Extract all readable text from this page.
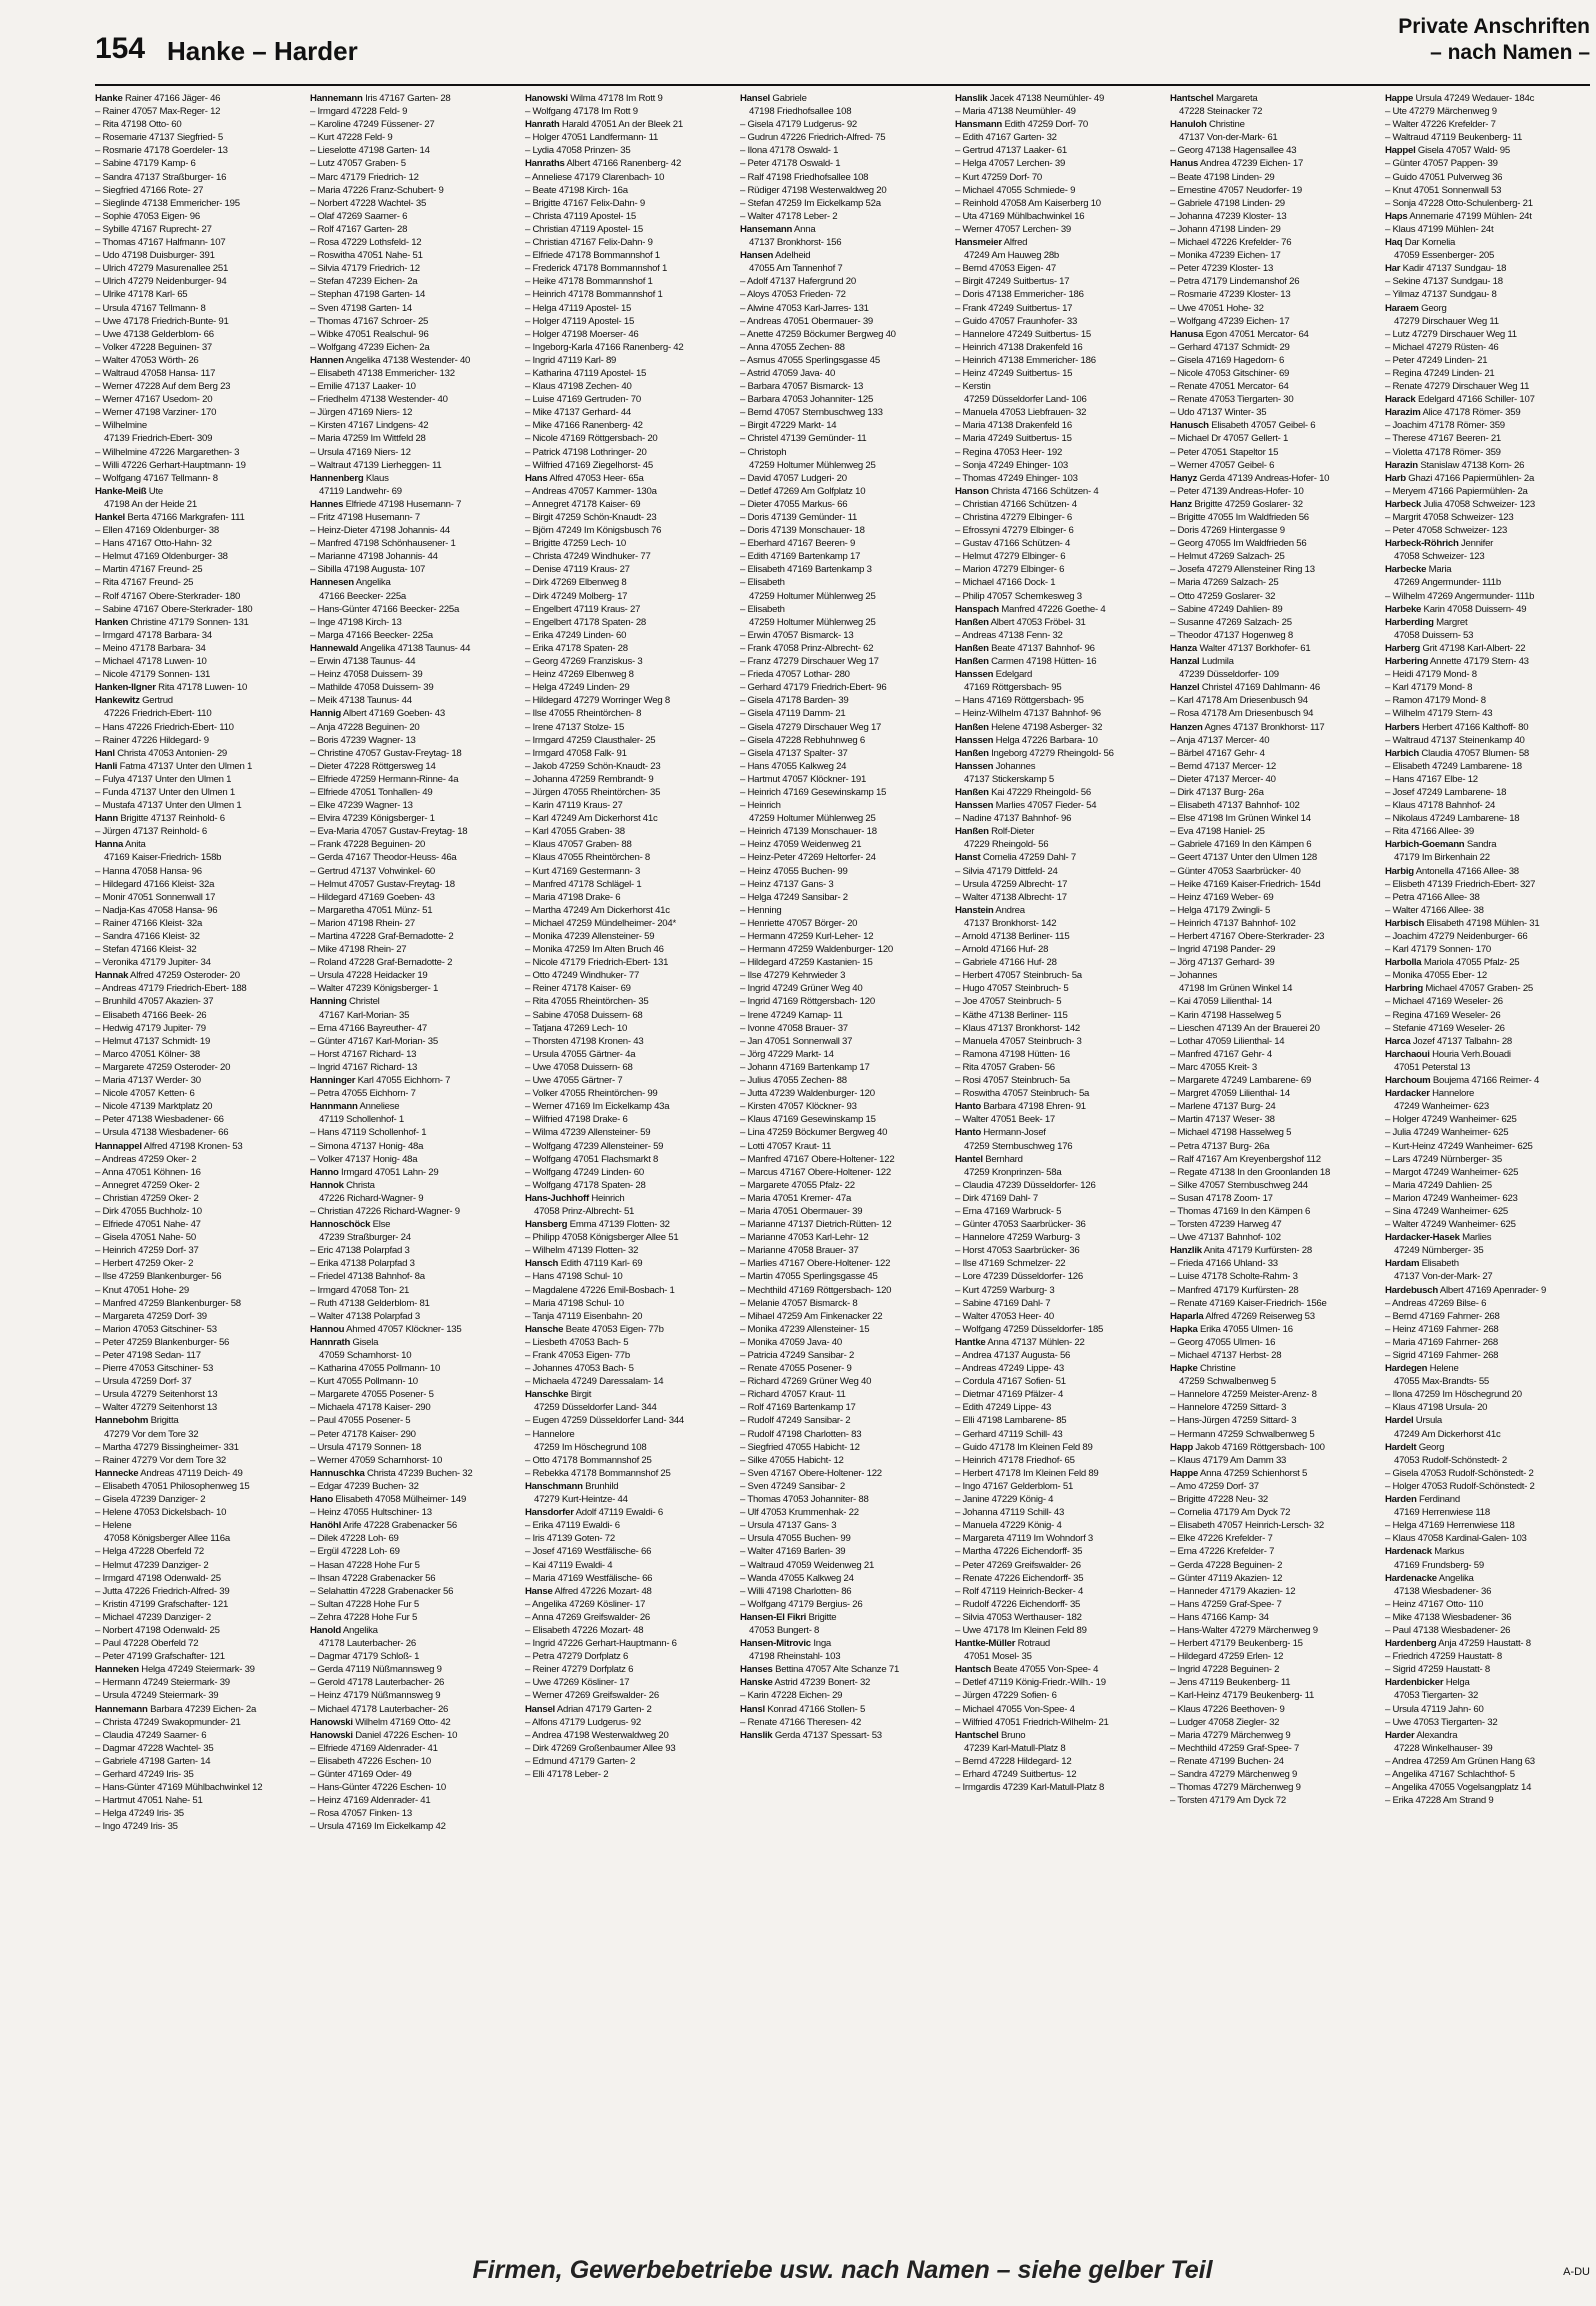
154 Hanke – Harder
Private Anschriften
– nach Namen –
Hanke Rainer 47166 Jäger- 46
– Rainer 47057 Max-Reger- 12
– Rita 47198 Otto- 60
– Rosemarie 47137 Siegfried- 5
– Rosmarie 47178 Goerdeler- 13
– Sabine 47179 Kamp- 6
– Sandra 47137 Straßburger- 16
– Siegfried 47166 Rote- 27
– Sieglinde 47138 Emmericher- 195
– Sophie 47053 Eigen- 96
– Sybille 47167 Ruprecht- 27
– Thomas 47167 Halfmann- 107
– Udo 47198 Duisburger- 391
– Ulrich 47279 Masurenallee 251
– Ulrich 47279 Neidenburger- 94
– Ulrike 47178 Karl- 65
– Ursula 47167 Tellmann- 8
– Uwe 47178 Friedrich-Bunte- 91
– Uwe 47138 Gelderblom- 66
– Volker 47228 Beguinen- 37
– Walter 47053 Wörth- 26
– Waltraud 47058 Hansa- 117
– Werner 47228 Auf dem Berg 23
– Werner 47167 Usedom- 20
– Werner 47198 Varziner- 170
– Wilhelmine
47139 Friedrich-Ebert- 309
– Wilhelmine 47226 Margarethen- 3
– Willi 47226 Gerhart-Hauptmann- 19
– Wolfgang 47167 Tellmann- 8
Hanke-Meiß Ute
47198 An der Heide 21
Hankel Berta 47166 Markgrafen- 111
– Ellen 47169 Oldenburger- 38
– Hans 47167 Otto-Hahn- 32
– Helmut 47169 Oldenburger- 38
– Martin 47167 Freund- 25
– Rita 47167 Freund- 25
– Rolf 47167 Obere-Sterkrader- 180
– Sabine 47167 Obere-Sterkrader- 180
Hanken Christine 47179 Sonnen- 131
– Irmgard 47178 Barbara- 34
– Meino 47178 Barbara- 34
– Michael 47178 Luwen- 10
– Nicole 47179 Sonnen- 131
Hanken-Ilgner Rita 47178 Luwen- 10
Hankewitz Gertrud
47226 Friedrich-Ebert- 110
– Hans 47226 Friedrich-Ebert- 110
– Rainer 47226 Hildegard- 9
Hanl Christa 47053 Antonien- 29
Hanli Fatma 47137 Unter den Ulmen 1
– Fulya 47137 Unter den Ulmen 1
– Funda 47137 Unter den Ulmen 1
– Mustafa 47137 Unter den Ulmen 1
Hann Brigitte 47137 Reinhold- 6
– Jürgen 47137 Reinhold- 6
Hanna Anita
47169 Kaiser-Friedrich- 158b
– Hanna 47058 Hansa- 96
– Hildegard 47166 Kleist- 32a
– Monir 47051 Sonnenwall 17
– Nadja-Kas 47058 Hansa- 96
– Rainer 47166 Kleist- 32a
– Sandra 47166 Kleist- 32
– Stefan 47166 Kleist- 32
– Veronika 47179 Jupiter- 34
Hannak Alfred 47259 Osteroder- 20
– Andreas 47179 Friedrich-Ebert- 188
– Brunhild 47057 Akazien- 37
– Elisabeth 47166 Beek- 26
– Hedwig 47179 Jupiter- 79
– Helmut 47137 Schmidt- 19
– Marco 47051 Kölner- 38
– Margarete 47259 Osteroder- 20
– Maria 47137 Werder- 30
– Nicole 47057 Ketten- 6
– Nicole 47139 Marktplatz 20
– Peter 47138 Wiesbadener- 66
– Ursula 47138 Wiesbadener- 66
Hannappel Alfred 47198 Kronen- 53
– Andreas 47259 Oker- 2
– Anna 47051 Köhnen- 16
– Annegret 47259 Oker- 2
– Christian 47259 Oker- 2
– Dirk 47055 Buchholz- 10
– Elfriede 47051 Nahe- 47
– Gisela 47051 Nahe- 50
– Heinrich 47259 Dorf- 37
– Herbert 47259 Oker- 2
– Ilse 47259 Blankenburger- 56
– Knut 47051 Hohe- 29
– Manfred 47259 Blankenburger- 58
– Margareta 47259 Dorf- 39
– Marion 47053 Gitschiner- 53
– Peter 47259 Blankenburger- 56
– Peter 47198 Sedan- 117
– Pierre 47053 Gitschiner- 53
– Ursula 47259 Dorf- 37
– Ursula 47279 Seitenhorst 13
– Walter 47279 Seitenhorst 13
Hannebohm Brigitta
47279 Vor dem Tore 32
– Martha 47279 Bissingheimer- 331
– Rainer 47279 Vor dem Tore 32
Hannecke Andreas 47119 Deich- 49
– Elisabeth 47051 Philosophenweg 15
– Gisela 47239 Danziger- 2
– Helene 47053 Dickelsbach- 10
– Helene
47058 Königsberger Allee 116a
– Helga 47228 Oberfeld 72
– Helmut 47239 Danziger- 2
– Irmgard 47198 Odenwald- 25
– Jutta 47226 Friedrich-Alfred- 39
– Kristin 47199 Grafschafter- 121
– Michael 47239 Danziger- 2
– Norbert 47198 Odenwald- 25
– Paul 47228 Oberfeld 72
– Peter 47199 Grafschafter- 121
Hanneken Helga 47249 Steiermark- 39
– Hermann 47249 Steiermark- 39
– Ursula 47249 Steiermark- 39
Hannemann Barbara 47239 Eichen- 2a
– Christa 47249 Swakopmunder- 21
– Claudia 47249 Saarner- 6
– Dagmar 47228 Wachtel- 35
– Gabriele 47198 Garten- 14
– Gerhard 47249 Iris- 35
– Hans-Günter 47169 Mühlbachwinkel 12
– Hartmut 47051 Nahe- 51
– Helga 47249 Iris- 35
– Ingo 47249 Iris- 35
Hannemann Iris 47167 Garten- 28
– Irmgard 47228 Feld- 9
– Karoline 47249 Füssener- 27
– Kurt 47228 Feld- 9
– Lieselotte 47198 Garten- 14
– Lutz 47057 Graben- 5
– Marc 47179 Friedrich- 12
– Maria 47226 Franz-Schubert- 9
– Norbert 47228 Wachtel- 35
– Olaf 47269 Saarner- 6
– Rolf 47167 Garten- 28
– Rosa 47229 Lothsfeld- 12
– Roswitha 47051 Nahe- 51
– Silvia 47179 Friedrich- 12
– Stefan 47239 Eichen- 2a
– Stephan 47198 Garten- 14
– Sven 47198 Garten- 14
– Thomas 47167 Schroer- 25
– Wibke 47051 Realschul- 96
– Wolfgang 47239 Eichen- 2a
Hannen Angelika 47138 Westender- 40
– Elisabeth 47138 Emmericher- 132
– Emilie 47137 Laaker- 10
– Friedhelm 47138 Westender- 40
– Jürgen 47169 Niers- 12
– Kirsten 47167 Lindgens- 42
– Maria 47259 Im Wittfeld 28
– Ursula 47169 Niers- 12
– Waltraut 47139 Lierheggen- 11
Hannenberg Klaus
47119 Landwehr- 69
Hannes Elfriede 47198 Husemann- 7
– Fritz 47198 Husemann- 7
– Heinz-Dieter 47198 Johannis- 44
– Manfred 47198 Schönhausener- 1
– Marianne 47198 Johannis- 44
– Sibilla 47198 Augusta- 107
Hannesen Angelika
47166 Beecker- 225a
– Hans-Günter 47166 Beecker- 225a
– Inge 47198 Kirch- 13
– Marga 47166 Beecker- 225a
Hannewald Angelika 47138 Taunus- 44
– Erwin 47138 Taunus- 44
– Heinz 47058 Duissern- 39
– Mathilde 47058 Duissern- 39
– Meik 47138 Taunus- 44
Hannig Albert 47169 Goeben- 43
– Anja 47228 Beguinen- 20
– Boris 47239 Wagner- 13
– Christine 47057 Gustav-Freytag- 18
– Dieter 47228 Röttgersweg 14
– Elfriede 47259 Hermann-Rinne- 4a
– Elfriede 47051 Tonhallen- 49
– Elke 47239 Wagner- 13
– Elvira 47239 Königsberger- 1
– Eva-Maria 47057 Gustav-Freytag- 18
– Frank 47228 Beguinen- 20
– Gerda 47167 Theodor-Heuss- 46a
– Gertrud 47137 Vohwinkel- 60
– Helmut 47057 Gustav-Freytag- 18
– Hildegard 47169 Goeben- 43
– Margaretha 47051 Münz- 51
– Marion 47198 Rhein- 27
– Martina 47228 Graf-Bernadotte- 2
– Mike 47198 Rhein- 27
– Roland 47228 Graf-Bernadotte- 2
– Ursula 47228 Heidacker 19
– Walter 47239 Königsberger- 1
Hanning Christel
47167 Karl-Morian- 35
– Erna 47166 Bayreuther- 47
– Günter 47167 Karl-Morian- 35
– Horst 47167 Richard- 13
– Ingrid 47167 Richard- 13
Hanninger Karl 47055 Eichhorn- 7
– Petra 47055 Eichhorn- 7
Hannmann Anneliese
47119 Schollenhof- 1
– Hans 47119 Schollenhof- 1
– Simona 47137 Honig- 48a
– Volker 47137 Honig- 48a
Hanno Irmgard 47051 Lahn- 29
Hannok Christa
47226 Richard-Wagner- 9
– Christian 47226 Richard-Wagner- 9
Hannoschöck Else
47239 Straßburger- 24
– Eric 47138 Polarpfad 3
– Erika 47138 Polarpfad 3
– Friedel 47138 Bahnhof- 8a
– Irmgard 47058 Ton- 21
– Ruth 47138 Gelderblom- 81
– Walter 47138 Polarpfad 3
Hannou Ahmed 47057 Klöckner- 135
Hannrath Gisela
47059 Scharnhorst- 10
– Katharina 47055 Pollmann- 10
– Kurt 47055 Pollmann- 10
– Margarete 47055 Posener- 5
– Michaela 47178 Kaiser- 290
– Paul 47055 Posener- 5
– Peter 47178 Kaiser- 290
– Ursula 47179 Sonnen- 18
– Werner 47059 Scharnhorst- 10
Hannuschka Christa 47239 Buchen- 32
– Edgar 47239 Buchen- 32
Hano Elisabeth 47058 Mülheimer- 149
– Heinz 47055 Hultschiner- 13
Hanöhl Arife 47228 Grabenacker 56
– Dilek 47228 Loh- 69
– Ergül 47228 Loh- 69
– Hasan 47228 Hohe Fur 5
– Ihsan 47228 Grabenacker 56
– Selahattin 47228 Grabenacker 56
– Sultan 47228 Hohe Fur 5
– Zehra 47228 Hohe Fur 5
Hanold Angelika
47178 Lauterbacher- 26
– Dagmar 47179 Schloß- 1
– Gerda 47119 Nüßmannsweg 9
– Gerold 47178 Lauterbacher- 26
– Heinz 47179 Nüßmannsweg 9
– Michael 47178 Lauterbacher- 26
Hanowski Wilhelm 47169 Otto- 42
Hanowski Daniel 47226 Eschen- 10
– Elfriede 47169 Aldenrader- 41
– Elisabeth 47226 Eschen- 10
– Günter 47169 Oder- 49
– Hans-Günter 47226 Eschen- 10
– Heinz 47169 Aldenrader- 41
– Rosa 47057 Finken- 13
– Ursula 47169 Im Eickelkamp 42
Hanowski Wilma 47178 Im Rott 9
– Wolfgang 47178 Im Rott 9
Hanrath Harald 47051 An der Bleek 21
– Holger 47051 Landfermann- 11
– Lydia 47058 Prinzen- 35
Hanraths Albert 47166 Ranenberg- 42
– Anneliese 47179 Clarenbach- 10
– Beate 47198 Kirch- 16a
– Brigitte 47167 Felix-Dahn- 9
– Christa 47119 Apostel- 15
– Christian 47119 Apostel- 15
– Christian 47167 Felix-Dahn- 9
– Elfriede 47178 Bommannshof 1
– Frederick 47178 Bommannshof 1
– Heike 47178 Bommannshof 1
– Heinrich 47178 Bommannshof 1
– Helga 47119 Apostel- 15
– Holger 47119 Apostel- 15
– Holger 47198 Moerser- 46
– Ingeborg-Karla 47166 Ranenberg- 42
– Ingrid 47119 Karl- 89
– Katharina 47119 Apostel- 15
– Klaus 47198 Zechen- 40
– Luise 47169 Gertruden- 70
– Mike 47137 Gerhard- 44
– Mike 47166 Ranenberg- 42
– Nicole 47169 Röttgersbach- 20
– Patrick 47198 Lothringer- 20
– Wilfried 47169 Ziegelhorst- 45
Hans Alfred 47053 Heer- 65a
– Andreas 47057 Kammer- 130a
– Annegret 47178 Kaiser- 69
– Birgit 47259 Schön-Knaudt- 23
– Björn 47249 Im Königsbusch 76
– Brigitte 47259 Lech- 10
– Christa 47249 Windhuker- 77
– Denise 47119 Kraus- 27
– Dirk 47269 Elbenweg 8
– Dirk 47249 Molberg- 17
– Engelbert 47119 Kraus- 27
– Engelbert 47178 Spaten- 28
– Erika 47249 Linden- 60
– Erika 47178 Spaten- 28
– Georg 47269 Franziskus- 3
– Heinz 47269 Elbenweg 8
– Helga 47249 Linden- 29
– Hildegard 47279 Worringer Weg 8
– Ilse 47055 Rheintörchen- 8
– Irene 47137 Stolze- 15
– Irmgard 47259 Clausthaler- 25
– Irmgard 47058 Falk- 91
– Jakob 47259 Schön-Knaudt- 23
– Johanna 47259 Rembrandt- 9
– Jürgen 47055 Rheintörchen- 35
– Karin 47119 Kraus- 27
– Karl 47249 Am Dickerhorst 41c
– Karl 47055 Graben- 38
– Klaus 47057 Graben- 88
– Klaus 47055 Rheintörchen- 8
– Kurt 47169 Gestermann- 3
– Manfred 47178 Schlägel- 1
– Maria 47198 Drake- 6
– Martha 47249 Am Dickerhorst 41c
– Michael 47259 Mündelheimer- 204*
– Monika 47239 Allensteiner- 59
– Monika 47259 Im Alten Bruch 46
– Nicole 47179 Friedrich-Ebert- 131
– Otto 47249 Windhuker- 77
– Reiner 47178 Kaiser- 69
– Rita 47055 Rheintörchen- 35
– Sabine 47058 Duissern- 68
– Tatjana 47269 Lech- 10
– Thorsten 47198 Kronen- 43
– Ursula 47055 Gärtner- 4a
– Uwe 47058 Duissern- 68
– Uwe 47055 Gärtner- 7
– Volker 47055 Rheintörchen- 99
– Werner 47169 Im Eickelkamp 43a
– Wilfried 47198 Drake- 6
– Wilma 47239 Allensteiner- 59
– Wolfgang 47239 Allensteiner- 59
– Wolfgang 47051 Flachsmarkt 8
– Wolfgang 47249 Linden- 60
– Wolfgang 47178 Spaten- 28
Hans-Juchhoff Heinrich
47058 Prinz-Albrecht- 51
Hansberg Emma 47139 Flotten- 32
– Philipp 47058 Königsberger Allee 51
– Wilhelm 47139 Flotten- 32
Hansch Edith 47119 Karl- 69
– Hans 47198 Schul- 10
– Magdalene 47226 Emil-Bosbach- 1
– Maria 47198 Schul- 10
– Tanja 47119 Eisenbahn- 20
Hansche Beate 47053 Eigen- 77b
– Liesbeth 47053 Bach- 5
– Frank 47053 Eigen- 77b
– Johannes 47053 Bach- 5
– Michaela 47249 Daressalam- 14
Hanschke Birgit
47259 Düsseldorfer Land- 344
– Eugen 47259 Düsseldorfer Land- 344
– Hannelore
47259 Im Höschegrund 108
– Otto 47178 Bommannshof 25
– Rebekka 47178 Bommannshof 25
Hanschmann Brunhild
47279 Kurt-Heintze- 44
Hansdorfer Adolf 47119 Ewaldi- 6
– Erika 47119 Ewaldi- 6
– Iris 47139 Goten- 72
– Josef 47169 Westfälische- 66
– Kai 47119 Ewaldi- 4
– Maria 47169 Westfälische- 66
Hanse Alfred 47226 Mozart- 48
– Angelika 47269 Kösliner- 17
– Anna 47269 Greifswalder- 26
– Elisabeth 47226 Mozart- 48
– Ingrid 47226 Gerhart-Hauptmann- 6
– Petra 47279 Dorfplatz 6
– Reiner 47279 Dorfplatz 6
– Uwe 47269 Kösliner- 17
– Werner 47269 Greifswalder- 26
Hansel Adrian 47179 Garten- 2
– Alfons 47179 Ludgerus- 92
– Andrea 47198 Westerwaldweg 20
– Dirk 47269 Großenbaumer Allee 93
– Edmund 47179 Garten- 2
– Elli 47178 Leber- 2
Hansel Gabriele
47198 Friedhofsallee 108
– Gisela 47179 Ludgerus- 92
– Gudrun 47226 Friedrich-Alfred- 75
– Ilona 47178 Oswald- 1
– Peter 47178 Oswald- 1
– Ralf 47198 Friedhofsallee 108
– Rüdiger 47198 Westerwaldweg 20
– Stefan 47259 Im Eickelkamp 52a
– Walter 47178 Leber- 2
Hansemann Anna
47137 Bronkhorst- 156
Hansen Adelheid
47055 Am Tannenhof 7
– Adolf 47137 Hafergrund 20
– Aloys 47053 Frieden- 72
– Alwine 47053 Karl-Jarres- 131
– Andreas 47051 Obermauer- 39
– Anette 47259 Böckumer Bergweg 40
– Anna 47055 Zechen- 88
– Asmus 47055 Sperlingsgasse 45
– Astrid 47059 Java- 40
– Barbara 47057 Bismarck- 13
– Barbara 47053 Johanniter- 125
– Bernd 47057 Sternbuschweg 133
– Birgit 47229 Markt- 14
– Christel 47139 Gemünder- 11
– Christoph
47259 Holtumer Mühlenweg 25
– David 47057 Ludgeri- 20
– Detlef 47269 Am Golfplatz 10
– Dieter 47055 Markus- 66
– Doris 47139 Gemünder- 11
– Doris 47139 Monschauer- 18
– Eberhard 47167 Beeren- 9
– Edith 47169 Bartenkamp 17
– Elisabeth 47169 Bartenkamp 3
– Elisabeth
47259 Holtumer Mühlenweg 25
– Elisabeth
47259 Holtumer Mühlenweg 25
– Erwin 47057 Bismarck- 13
– Frank 47058 Prinz-Albrecht- 62
– Franz 47279 Dirschauer Weg 17
– Frieda 47057 Lothar- 280
– Gerhard 47179 Friedrich-Ebert- 96
– Gisela 47178 Barden- 39
– Gisela 47119 Damm- 21
– Gisela 47279 Dirschauer Weg 17
– Gisela 47228 Rebhuhnweg 6
– Gisela 47137 Spalter- 37
– Hans 47055 Kalkweg 24
– Hartmut 47057 Klöckner- 191
– Heinrich 47169 Gesewinskamp 15
– Heinrich
47259 Holtumer Mühlenweg 25
– Heinrich 47139 Monschauer- 18
– Heinz 47059 Weidenweg 21
– Heinz-Peter 47269 Heltorfer- 24
– Heinz 47055 Buchen- 99
– Heinz 47137 Gans- 3
– Helga 47249 Sansibar- 2
– Henning
– Henriette 47057 Börger- 20
– Hermann 47259 Kurl-Leher- 12
– Hermann 47259 Waldenburger- 120
– Hildegard 47259 Kastanien- 15
– Ilse 47279 Kehrwieder 3
– Ingrid 47249 Grüner Weg 40
– Ingrid 47169 Röttgersbach- 120
– Irene 47249 Karnap- 11
– Ivonne 47058 Brauer- 37
– Jan 47051 Sonnenwall 37
– Jörg 47229 Markt- 14
– Johann 47169 Bartenkamp 17
– Julius 47055 Zechen- 88
– Jutta 47239 Waldenburger- 120
– Kirsten 47057 Klöckner- 93
– Klaus 47169 Gesewinskamp 15
– Lina 47259 Böckumer Bergweg 40
– Lotti 47057 Kraut- 11
– Manfred 47167 Obere-Holtener- 122
– Marcus 47167 Obere-Holtener- 122
– Margarete 47055 Pfalz- 22
– Maria 47051 Kremer- 47a
– Maria 47051 Obermauer- 39
– Marianne 47137 Dietrich-Rütten- 12
– Marianne 47053 Karl-Lehr- 12
– Marianne 47058 Brauer- 37
– Marlies 47167 Obere-Holtener- 122
– Martin 47055 Sperlingsgasse 45
– Mechthild 47169 Röttgersbach- 120
– Melanie 47057 Bismarck- 8
– Mihael 47259 Am Finkenacker 22
– Monika 47239 Allensteiner- 15
– Monika 47059 Java- 40
– Patricia 47249 Sansibar- 2
– Renate 47055 Posener- 9
– Richard 47269 Grüner Weg 40
– Richard 47057 Kraut- 11
– Rolf 47169 Bartenkamp 17
– Rudolf 47249 Sansibar- 2
– Rudolf 47198 Charlotten- 83
– Siegfried 47055 Habicht- 12
– Silke 47055 Habicht- 12
– Sven 47167 Obere-Holtener- 122
– Sven 47249 Sansibar- 2
– Thomas 47053 Johanniter- 88
– Ulf 47053 Krummenhak- 22
– Ursula 47137 Gans- 3
– Ursula 47055 Buchen- 99
– Walter 47169 Barlen- 39
– Waltraud 47059 Weidenweg 21
– Wanda 47055 Kalkweg 24
– Willi 47198 Charlotten- 86
– Wolfgang 47179 Bergius- 26
Hansen-El Fikri Brigitte
47053 Bungert- 8
Hansen-Mitrovic Inga
47198 Rheinstahl- 103
Hanses Bettina 47057 Alte Schanze 71
Hanske Astrid 47239 Bonert- 32
– Karin 47228 Eichen- 29
Hansl Konrad 47166 Stollen- 5
– Renate 47166 Theresen- 42
Hanslik Gerda 47137 Spessart- 53
Hanslik Jacek 47138 Neumühler- 49
– Maria 47138 Neumühler- 49
Hansmann Edith 47259 Dorf- 70
– Edith 47167 Garten- 32
– Gertrud 47137 Laaker- 61
– Helga 47057 Lerchen- 39
– Kurt 47259 Dorf- 70
– Michael 47055 Schmiede- 9
– Reinhold 47058 Am Kaiserberg 10
– Uta 47169 Mühlbachwinkel 16
– Werner 47057 Lerchen- 39
Hansmeier Alfred
47249 Am Hauweg 28b
– Bernd 47053 Eigen- 47
– Birgit 47249 Suitbertus- 17
– Doris 47138 Emmericher- 186
– Frank 47249 Suitbertus- 17
– Guido 47057 Fraunhofer- 33
– Hannelore 47249 Suitbertus- 15
– Heinrich 47138 Drakenfeld 16
– Heinrich 47138 Emmericher- 186
– Heinz 47249 Suitbertus- 15
– Kerstin
47259 Düsseldorfer Land- 106
– Manuela 47053 Liebfrauen- 32
– Maria 47138 Drakenfeld 16
– Maria 47249 Suitbertus- 15
– Regina 47053 Heer- 192
– Sonja 47249 Ehinger- 103
– Thomas 47249 Ehinger- 103
Hanson Christa 47166 Schützen- 4
– Christian 47166 Schützen- 4
– Christina 47279 Elbinger- 6
– Efrossyni 47279 Elbinger- 6
– Gustav 47166 Schützen- 4
– Helmut 47279 Elbinger- 6
– Marion 47279 Elbinger- 6
– Michael 47166 Dock- 1
– Philip 47057 Schemkesweg 3
Hanspach Manfred 47226 Goethe- 4
Hanßen Albert 47053 Fröbel- 31
– Andreas 47138 Fenn- 32
Hanßen Beate 47137 Bahnhof- 96
Hanßen Carmen 47198 Hütten- 16
Hanssen Edelgard
47169 Röttgersbach- 95
– Hans 47169 Röttgersbach- 95
– Heinz-Wilhelm 47137 Bahnhof- 96
Hanßen Helene 47198 Asberger- 32
Hanssen Helga 47226 Barbara- 10
Hanßen Ingeborg 47279 Rheingold- 56
Hanssen Johannes
47137 Stickerskamp 5
Hanßen Kai 47229 Rheingold- 56
Hanssen Marlies 47057 Fieder- 54
– Nadine 47137 Bahnhof- 96
Hanßen Rolf-Dieter
47229 Rheingold- 56
Hanst Cornelia 47259 Dahl- 7
– Silvia 47179 Dittfeld- 24
– Ursula 47259 Albrecht- 17
– Walter 47138 Albrecht- 17
Hanstein Andrea
47137 Bronkhorst- 142
– Arnold 47138 Berliner- 115
– Arnold 47166 Huf- 28
– Gabriele 47166 Huf- 28
– Herbert 47057 Steinbruch- 5a
– Hugo 47057 Steinbruch- 5
– Joe 47057 Steinbruch- 5
– Käthe 47138 Berliner- 115
– Klaus 47137 Bronkhorst- 142
– Manuela 47057 Steinbruch- 3
– Ramona 47198 Hütten- 16
– Rita 47057 Graben- 56
– Rosi 47057 Steinbruch- 5a
– Roswitha 47057 Steinbruch- 5a
Hanto Barbara 47198 Ehren- 91
– Walter 47051 Beek- 17
Hanto Hermann-Josef
47259 Sternbuschweg 176
Hantel Bernhard
47259 Kronprinzen- 58a
– Claudia 47239 Düsseldorfer- 126
– Dirk 47169 Dahl- 7
– Erna 47169 Warbruck- 5
– Günter 47053 Saarbrücker- 36
– Hannelore 47259 Warburg- 3
– Horst 47053 Saarbrücker- 36
– Ilse 47169 Schmelzer- 22
– Lore 47239 Düsseldorfer- 126
– Kurt 47259 Warburg- 3
– Sabine 47169 Dahl- 7
– Walter 47053 Heer- 40
– Wolfgang 47259 Düsseldorfer- 185
Hantke Anna 47137 Mühlen- 22
– Andrea 47137 Augusta- 56
– Andreas 47249 Lippe- 43
– Cordula 47167 Sofien- 51
– Dietmar 47169 Pfälzer- 4
– Edith 47249 Lippe- 43
– Elli 47198 Lambarene- 85
– Gerhard 47119 Schill- 43
– Guido 47178 Im Kleinen Feld 89
– Heinrich 47178 Friedhof- 65
– Herbert 47178 Im Kleinen Feld 89
– Ingo 47167 Gelderblom- 51
– Janine 47229 König- 4
– Johanna 47119 Schill- 43
– Manuela 47229 König- 4
– Margareta 47119 Im Wohndorf 3
– Martha 47226 Eichendorff- 35
– Peter 47269 Greifswalder- 26
– Renate 47226 Eichendorff- 35
– Rolf 47119 Heinrich-Becker- 4
– Rudolf 47226 Eichendorff- 35
– Silvia 47053 Werthauser- 182
– Uwe 47178 Im Kleinen Feld 89
Hantke-Müller Rotraud
47051 Mosel- 35
Hantsch Beate 47055 Von-Spee- 4
– Detlef 47119 König-Friedr.-Wilh.- 19
– Jürgen 47229 Sofien- 6
– Michael 47055 Von-Spee- 4
– Wilfried 47051 Friedrich-Wilhelm- 21
Hantschel Bruno
47239 Karl-Matull-Platz 8
– Bernd 47228 Hildegard- 12
– Erhard 47249 Suitbertus- 12
– Irmgardis 47239 Karl-Matull-Platz 8
Hantschel Margareta
47228 Steinacker 72
Hanuloh Christine
47137 Von-der-Mark- 61
– Georg 47138 Hagensallee 43
Hanus Andrea 47239 Eichen- 17
– Beate 47198 Linden- 29
– Ernestine 47057 Neudorfer- 19
– Gabriele 47198 Linden- 29
– Johanna 47239 Kloster- 13
– Johann 47198 Linden- 29
– Michael 47226 Krefelder- 76
– Monika 47239 Eichen- 17
– Peter 47239 Kloster- 13
– Petra 47179 Lindemanshof 26
– Rosmarie 47239 Kloster- 13
– Uwe 47051 Hohe- 32
– Wolfgang 47239 Eichen- 17
Hanusa Egon 47051 Mercator- 64
– Gerhard 47137 Schmidt- 29
– Gisela 47169 Hagedorn- 6
– Nicole 47053 Gitschiner- 69
– Renate 47051 Mercator- 64
– Renate 47053 Tiergarten- 30
– Udo 47137 Winter- 35
Hanusch Elisabeth 47057 Geibel- 6
– Michael Dr 47057 Gellert- 1
– Peter 47051 Stapeltor 15
– Werner 47057 Geibel- 6
Hanyz Gerda 47139 Andreas-Hofer- 10
– Peter 47139 Andreas-Hofer- 10
Hanz Brigitte 47259 Goslarer- 32
– Brigitte 47055 Im Waldfrieden 56
– Doris 47269 Hintergasse 9
– Georg 47055 Im Waldfrieden 56
– Helmut 47269 Salzach- 25
– Josefa 47279 Allensteiner Ring 13
– Maria 47269 Salzach- 25
– Otto 47259 Goslarer- 32
– Sabine 47249 Dahlien- 89
– Susanne 47269 Salzach- 25
– Theodor 47137 Hogenweg 8
Hanza Walter 47137 Borkhofer- 61
Hanzal Ludmila
47239 Düsseldorfer- 109
Hanzel Christel 47169 Dahlmann- 46
– Karl 47178 Am Driesenbusch 94
– Rosa 47178 Am Driesenbusch 94
Hanzen Agnes 47137 Bronkhorst- 117
– Anja 47137 Mercer- 40
– Bärbel 47167 Gehr- 4
– Bernd 47137 Mercer- 12
– Dieter 47137 Mercer- 40
– Dirk 47137 Burg- 26a
– Elisabeth 47137 Bahnhof- 102
– Else 47198 Im Grünen Winkel 14
– Eva 47198 Haniel- 25
– Gabriele 47169 In den Kämpen 6
– Geert 47137 Unter den Ulmen 128
– Günter 47053 Saarbrücker- 40
– Heike 47169 Kaiser-Friedrich- 154d
– Heinz 47169 Weber- 69
– Helga 47179 Zwingli- 5
– Heinrich 47137 Bahnhof- 102
– Herbert 47167 Obere-Sterkrader- 23
– Ingrid 47198 Pander- 29
– Jörg 47137 Gerhard- 39
– Johannes
47198 Im Grünen Winkel 14
– Kai 47059 Lilienthal- 14
– Karin 47198 Hasselweg 5
– Lieschen 47139 An der Brauerei 20
– Lothar 47059 Lilienthal- 14
– Manfred 47167 Gehr- 4
– Marc 47055 Kreit- 3
– Margarete 47249 Lambarene- 69
– Margret 47059 Lilienthal- 14
– Marlene 47137 Burg- 24
– Martin 47137 Weser- 38
– Michael 47198 Hasselweg 5
– Petra 47137 Burg- 26a
– Ralf 47167 Am Kreyenbergshof 112
– Regate 47138 In den Groonlanden 18
– Silke 47057 Sternbuschweg 244
– Susan 47178 Zoom- 17
– Thomas 47169 In den Kämpen 6
– Torsten 47239 Harweg 47
– Uwe 47137 Bahnhof- 102
Hanzlik Anita 47179 Kurfürsten- 28
– Frieda 47166 Uhland- 33
– Luise 47178 Scholte-Rahm- 3
– Manfred 47179 Kurfürsten- 28
– Renate 47169 Kaiser-Friedrich- 156e
Haparla Alfred 47269 Reiserweg 53
Hapka Erika 47055 Ulmen- 16
– Georg 47055 Ulmen- 16
– Michael 47137 Herbst- 28
Hapke Christine
47259 Schwalbenweg 5
– Hannelore 47259 Meister-Arenz- 8
– Hannelore 47259 Sittard- 3
– Hans-Jürgen 47259 Sittard- 3
– Hermann 47259 Schwalbenweg 5
Happ Jakob 47169 Röttgersbach- 100
– Klaus 47179 Am Damm 33
Happe Anna 47259 Schienhorst 5
– Amo 47259 Dorf- 37
– Brigitte 47228 Neu- 32
– Cornelia 47179 Am Dyck 72
– Elisabeth 47057 Heinrich-Lersch- 32
– Elke 47226 Krefelder- 7
– Erna 47226 Krefelder- 7
– Gerda 47228 Beguinen- 2
– Günter 47119 Akazien- 12
– Hanneder 47179 Akazien- 12
– Hans 47259 Graf-Spee- 7
– Hans 47166 Kamp- 34
– Hans-Walter 47279 Märchenweg 9
– Herbert 47179 Beukenberg- 15
– Hildegard 47259 Erlen- 12
– Ingrid 47228 Beguinen- 2
– Jens 47119 Beukenberg- 11
– Karl-Heinz 47179 Beukenberg- 11
– Klaus 47226 Beethoven- 9
– Ludger 47058 Ziegler- 32
– Maria 47279 Märchenweg 9
– Mechthild 47259 Graf-Spee- 7
– Renate 47199 Buchen- 24
– Sandra 47279 Märchenweg 9
– Thomas 47279 Märchenweg 9
– Torsten 47179 Am Dyck 72
Happe Ursula 47249 Wedauer- 184c
– Ute 47279 Märchenweg 9
– Walter 47226 Krefelder- 7
– Waltraud 47119 Beukenberg- 11
Happel Gisela 47057 Wald- 95
– Günter 47057 Pappen- 39
– Guido 47051 Pulverweg 36
– Knut 47051 Sonnenwall 53
– Sonja 47228 Otto-Schulenberg- 21
Haps Annemarie 47199 Mühlen- 24t
– Klaus 47199 Mühlen- 24t
Haq Dar Kornelia
47059 Essenberger- 205
Har Kadir 47137 Sundgau- 18
– Sekine 47137 Sundgau- 18
– Yilmaz 47137 Sundgau- 8
Haraem Georg
47279 Dirschauer Weg 11
– Lutz 47279 Dirschauer Weg 11
– Michael 47279 Rüsten- 46
– Peter 47249 Linden- 21
– Regina 47249 Linden- 21
– Renate 47279 Dirschauer Weg 11
Harack Edelgard 47166 Schiller- 107
Harazim Alice 47178 Römer- 359
– Joachim 47178 Römer- 359
– Therese 47167 Beeren- 21
– Violetta 47178 Römer- 359
Harazin Stanislaw 47138 Korn- 26
Harb Ghazi 47166 Papiermühlen- 2a
– Meryem 47166 Papiermühlen- 2a
Harbeck Julia 47058 Schweizer- 123
– Margrit 47058 Schweizer- 123
– Peter 47058 Schweizer- 123
Harbeck-Röhrich Jennifer
47058 Schweizer- 123
Harbecke Maria
47269 Angermunder- 111b
– Wilhelm 47269 Angermunder- 111b
Harbeke Karin 47058 Duissern- 49
Harberding Margret
47058 Duissern- 53
Harberg Grit 47198 Karl-Albert- 22
Harbering Annette 47179 Stern- 43
– Heidi 47179 Mond- 8
– Karl 47179 Mond- 8
– Ramon 47179 Mond- 8
– Wilhelm 47179 Stern- 43
Harbers Herbert 47166 Kalthoff- 80
– Waltraud 47137 Steinenkamp 40
Harbich Claudia 47057 Blumen- 58
– Elisabeth 47249 Lambarene- 18
– Hans 47167 Elbe- 12
– Josef 47249 Lambarene- 18
– Klaus 47178 Bahnhof- 24
– Nikolaus 47249 Lambarene- 18
– Rita 47166 Allee- 39
Harbich-Goemann Sandra
47179 Im Birkenhain 22
Harbig Antonella 47166 Allee- 38
– Elisbeth 47139 Friedrich-Ebert- 327
– Petra 47166 Allee- 38
– Walter 47166 Allee- 38
Harbisch Elisabeth 47198 Mühlen- 31
– Joachim 47279 Neidenburger- 66
– Karl 47179 Sonnen- 170
Harbolla Mariola 47055 Pfalz- 25
– Monika 47055 Eber- 12
Harbring Michael 47057 Graben- 25
– Michael 47169 Weseler- 26
– Regina 47169 Weseler- 26
– Stefanie 47169 Weseler- 26
Harca Jozef 47137 Talbahn- 28
Harchaoui Houria Verh.Bouadi
47051 Peterstal 13
Harchoum Boujema 47166 Reimer- 4
Hardacker Hannelore
47249 Wanheimer- 623
– Holger 47249 Wanheimer- 625
– Julia 47249 Wanheimer- 625
– Kurt-Heinz 47249 Wanheimer- 625
– Lars 47249 Nürnberger- 35
– Margot 47249 Wanheimer- 625
– Maria 47249 Dahlien- 25
– Marion 47249 Wanheimer- 623
– Sina 47249 Wanheimer- 625
– Walter 47249 Wanheimer- 625
Hardacker-Hasek Marlies
47249 Nürnberger- 35
Hardam Elisabeth
47137 Von-der-Mark- 27
Hardebusch Albert 47169 Apenrader- 9
– Andreas 47269 Bilse- 6
– Bernd 47169 Fahrner- 268
– Heinz 47169 Fahrner- 268
– Maria 47169 Fahrner- 268
– Sigrid 47169 Fahrner- 268
Hardegen Helene
47055 Max-Brandts- 55
– Ilona 47259 Im Höschegrund 20
– Klaus 47198 Ursula- 20
Hardel Ursula
47249 Am Dickerhorst 41c
Hardelt Georg
47053 Rudolf-Schönstedt- 2
– Gisela 47053 Rudolf-Schönstedt- 2
– Holger 47053 Rudolf-Schönstedt- 2
Harden Ferdinand
47169 Herrenwiese 118
– Helga 47169 Herrenwiese 118
– Klaus 47058 Kardinal-Galen- 103
Hardenack Markus
47169 Frundsberg- 59
Hardenacke Angelika
47138 Wiesbadener- 36
– Heinz 47167 Otto- 110
– Mike 47138 Wiesbadener- 36
– Paul 47138 Wiesbadener- 26
Hardenberg Anja 47259 Haustatt- 8
– Friedrich 47259 Haustatt- 8
– Sigrid 47259 Haustatt- 8
Hardenbicker Helga
47053 Tiergarten- 32
– Ursula 47119 Jahn- 60
– Uwe 47053 Tiergarten- 32
Harder Alexandra
47228 Winkelhauser- 39
– Andrea 47259 Am Grünen Hang 63
– Angelika 47167 Schlachthof- 5
– Angelika 47055 Vogelsangplatz 14
– Erika 47228 Am Strand 9
Firmen, Gewerbebetriebe usw. nach Namen – siehe gelber Teil	A-DU
